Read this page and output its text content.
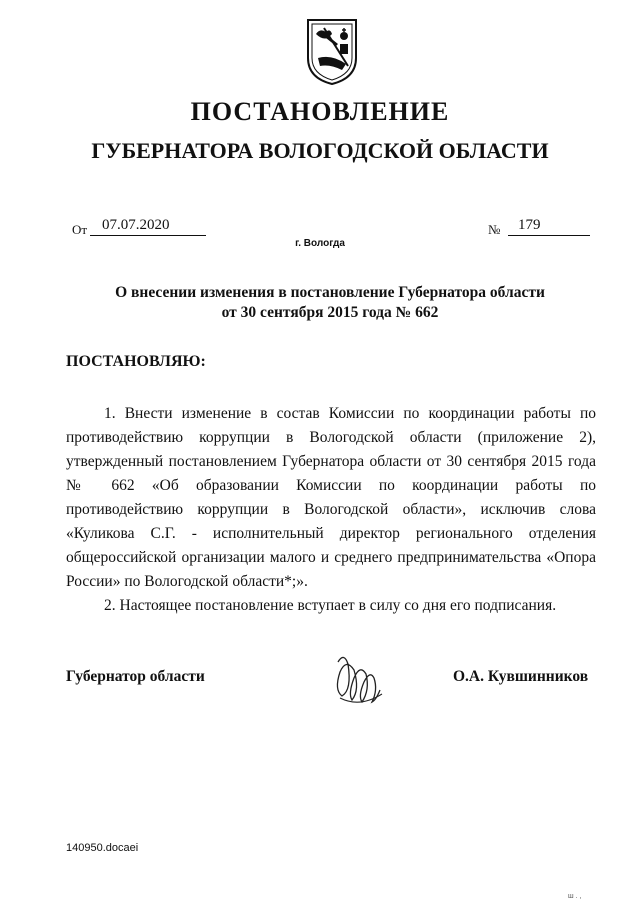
ПОСТАНОВЛЕНИЕ
ГУБЕРНАТОРА ВОЛОГОДСКОЙ ОБЛАСТИ
От 07.07.2020
г. Вологда
№	179
О внесении изменения в постановление Губернатора области
от 30 сентября 2015 года № 662
ПОСТАНОВЛЯЮ:

1. Внести изменение в состав Комиссии по координации работы по противодействию коррупции в Вологодской области (приложение 2), утвержденный постановлением Губернатора области от 30 сентября 2015 года № 662 «Об образовании Комиссии по координации работы по противодействию коррупции в Вологодской области», исключив слова «Куликова С.Г. - исполнительный директор регионального отделения общероссийской организации малого и среднего предпринимательства «Опора России» по Вологодской области*;».

2. Настоящее постановление вступает в силу со дня его подписания.

Губернатор области	О.А. Кувшинников
140950.docaei
ш . ,
